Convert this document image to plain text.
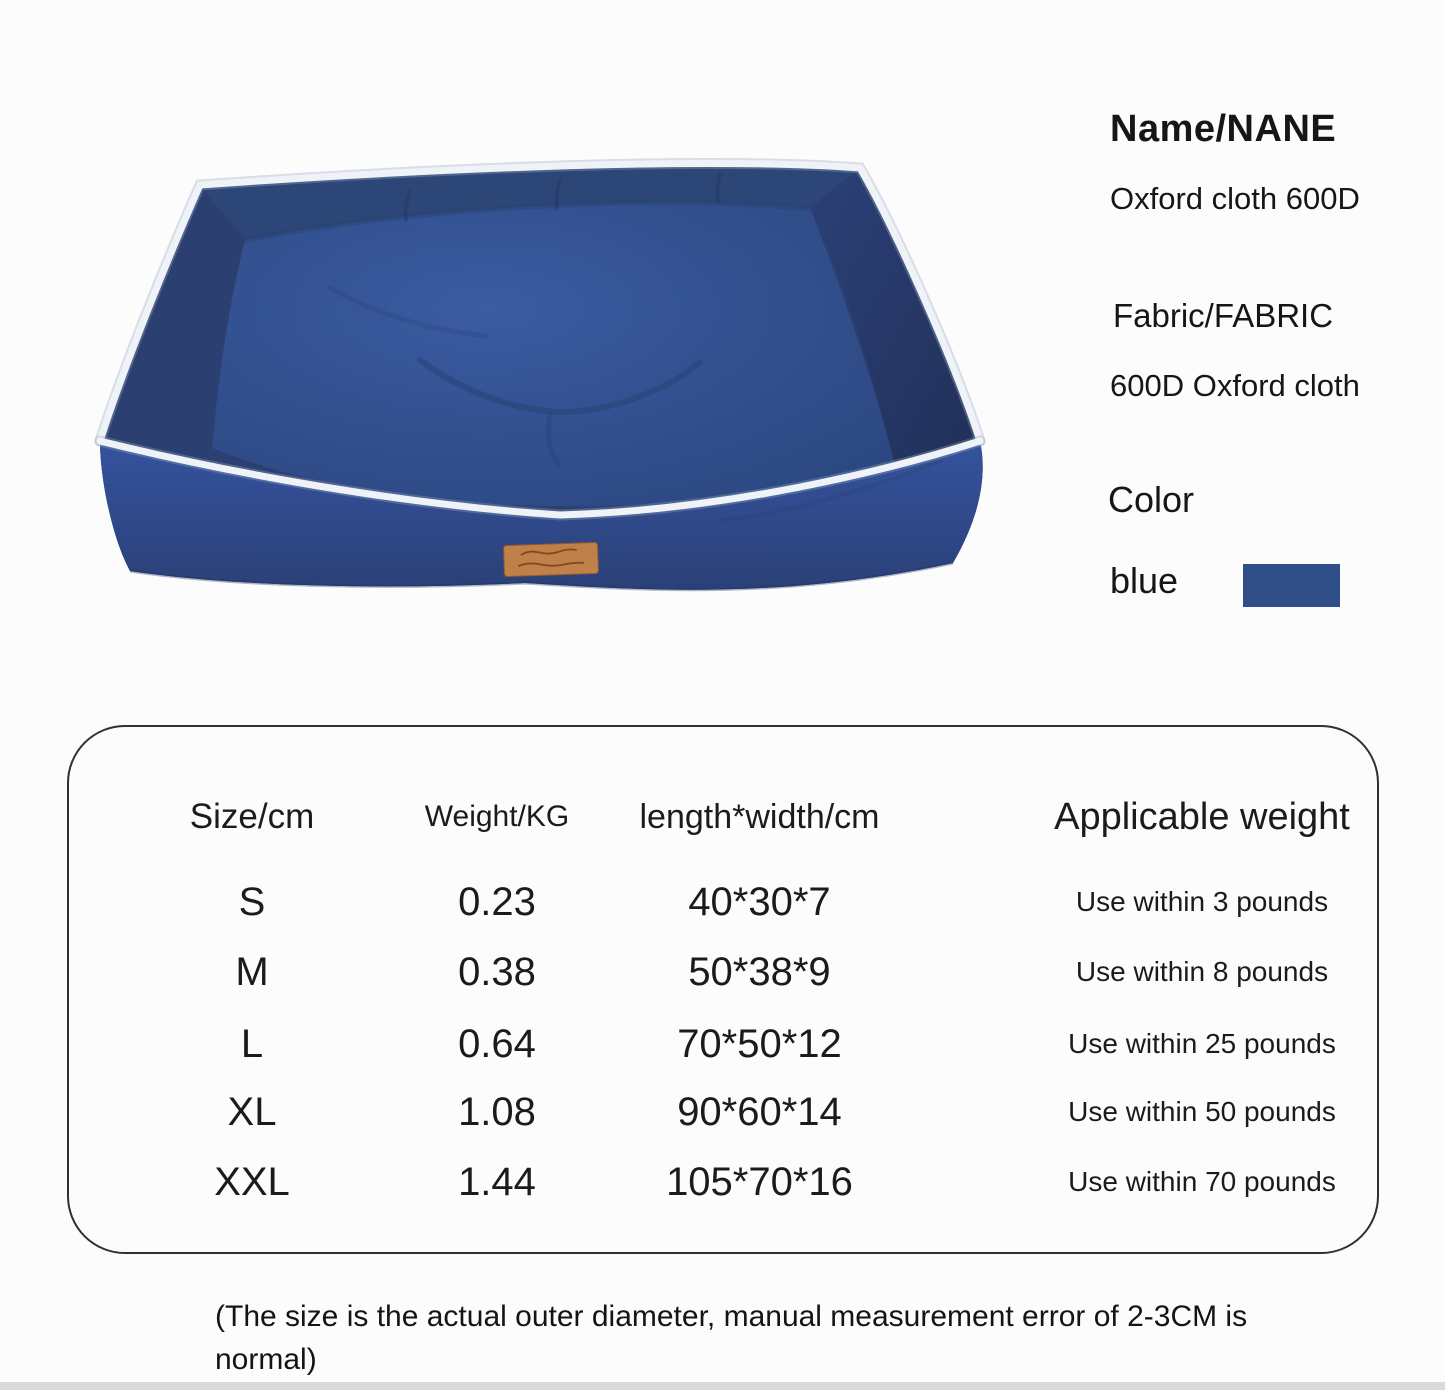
Name/NANE
Oxford cloth 600D
Fabric/FABRIC
600D Oxford cloth
Color
blue
Size/cm	Weight/KG	length*width/cm	Applicable weight
S	0.23	40*30*7	Use within 3 pounds
M	0.38	50*38*9	Use within 8 pounds
L	0.64	70*50*12	Use within 25 pounds
XL	1.08	90*60*14	Use within 50 pounds
XXL	1.44	105*70*16	Use within 70 pounds
(The size is the actual outer diameter, manual measurement error of 2-3CM is normal)
